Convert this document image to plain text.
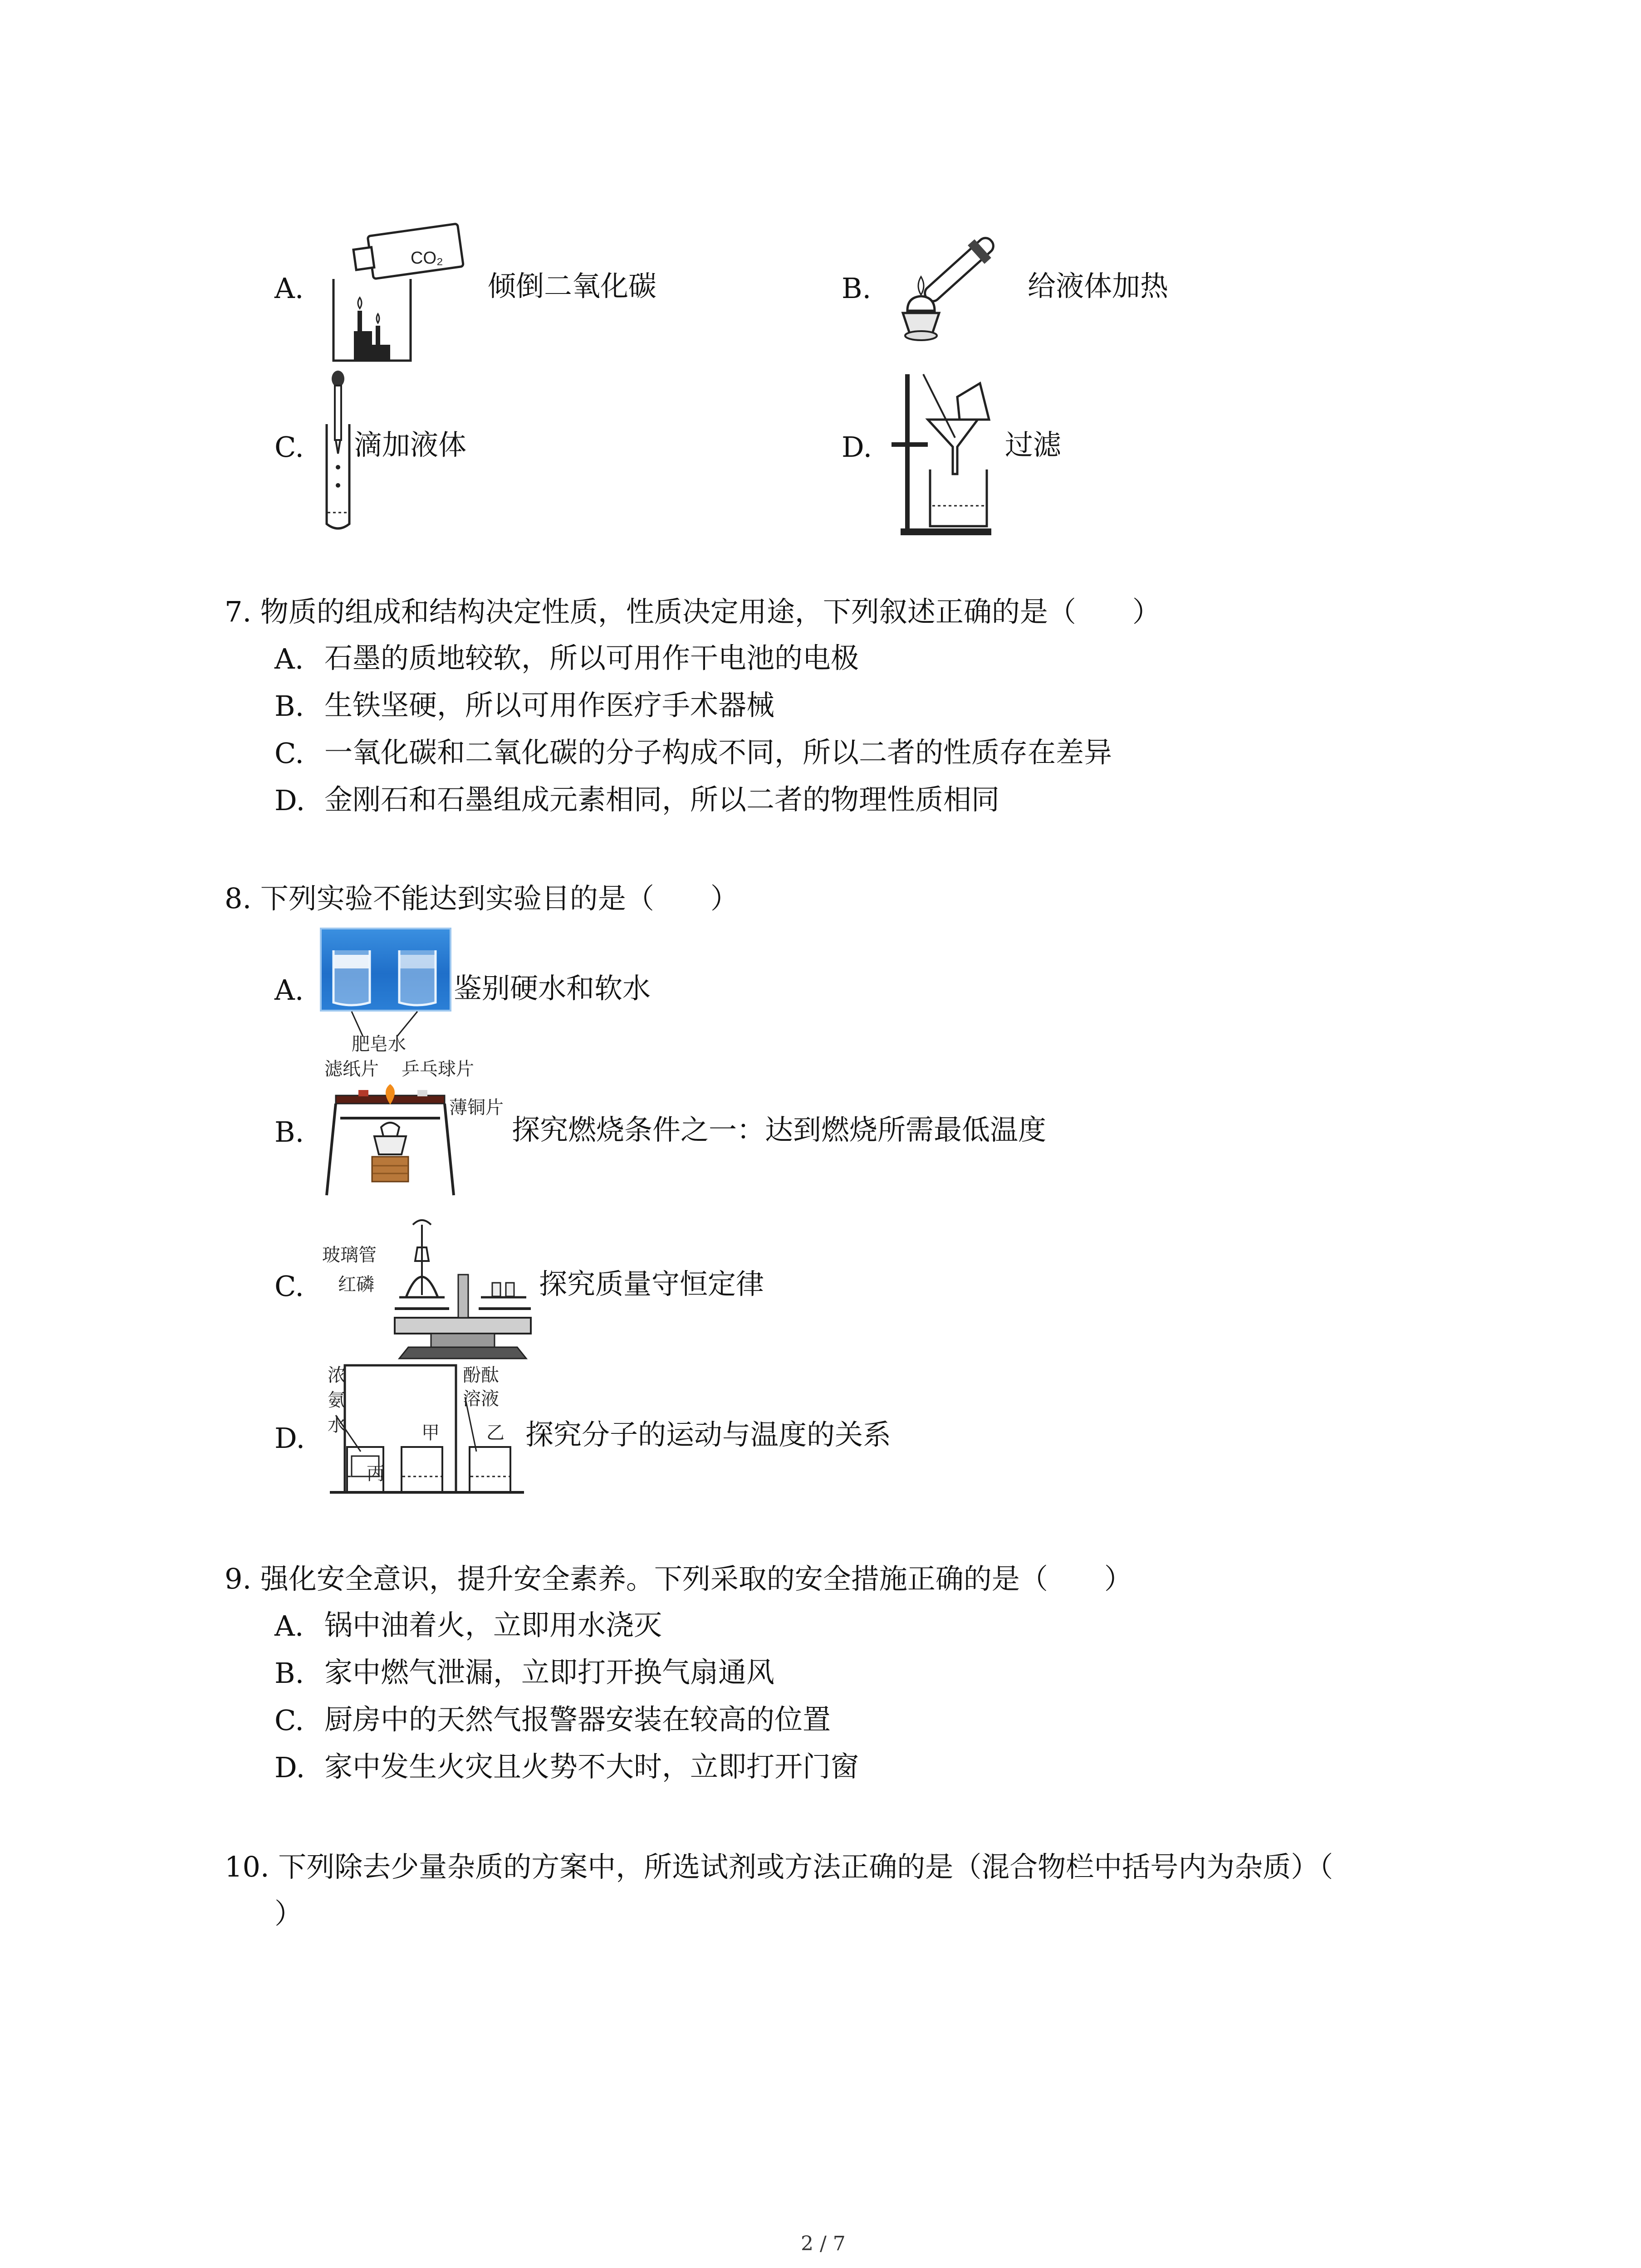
A.
CO₂
倾倒二氧化碳	B.	给液体加热
C. 滴加液体	D.	过滤
7. 物质的组成和结构决定性质，性质决定用途，下列叙述正确的是（　　）
A. 石墨的质地较软，所以可用作干电池的电极
B. 生铁坚硬，所以可用作医疗手术器械
C. 一氧化碳和二氧化碳的分子构成不同，所以二者的性质存在差异
D. 金刚石和石墨组成元素相同，所以二者的物理性质相同
8. 下列实验不能达到实验目的是（　　）
A.
肥皂水
鉴别硬水和软水
滤纸片 乒乓球片
薄铜片
B.	探究燃烧条件之一：达到燃烧所需最低温度
玻璃管
红磷
C.	探究质量守恒定律
浓
氨
水
酚酞
溶液
D.	甲	乙
丙
探究分子的运动与温度的关系
9. 强化安全意识，提升安全素养。下列采取的安全措施正确的是（　　）
A. 锅中油着火，立即用水浇灭
B. 家中燃气泄漏，立即打开换气扇通风
C. 厨房中的天然气报警器安装在较高的位置
D. 家中发生火灾且火势不大时，立即打开门窗
10. 下列除去少量杂质的方案中，所选试剂或方法正确的是（混合物栏中括号内为杂质）（
）
2 / 7
